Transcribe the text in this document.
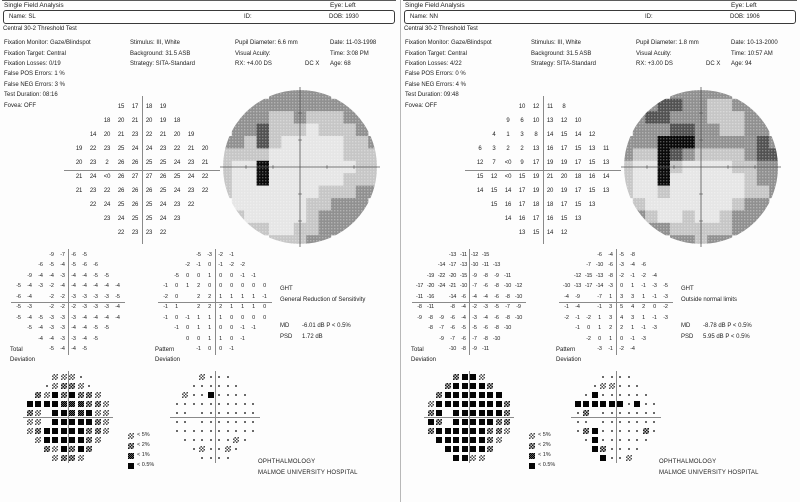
Single Field Analysis	Eye: Left
Name: SL	ID:	DOB: 1930
Central 30-2 Threshold Test
Fixation Monitor: Gaze/Blindspot
Fixation Target: Central
Fixation Losses: 0/19
False POS Errors: 1 %
False NEG Errors: 3 %
Test Duration: 08:16
Fovea: OFF
Stimulus: III, White
Background: 31.5 ASB
Strategy: SITA-Standard
Pupil Diameter: 6.6 mm
Visual Acuity:
RX: +4.00 DS	DC X
Date: 11-03-1998
Time: 3:08 PM
Age: 68
15 17 18 19
18 20 21 20 19 18
14 20 21 23 22 21 20 19
19 22 23 25 24 24 23 22 21 20
20 23 2 26 26 25 25 24 23 21
21 24 <0 26 27 27 26 25 24 22
21 23 22 26 26 26 25 24 23 22
22 24 25 26 25 24 23 22
23 24 25 25 24 23
22 23 23 22
-9 -7 -6 -5
-6 -5 -4 -5 -6 -6
-9 -4 -4 -3 -4 -4 -5 -5
-5 -4 -3 -2 -4 -4 -4 -4 -4 -4
-6 -4	-2 -2 -3 -3 -3 -3 -5
-5 -3	-2 -2 -2 -3 -3 -3 -4
-5 -4 -5 -3 -3 -3 -4 -4 -4 -4
-5 -4 -3 -3 -4 -4 -5 -5
-4 -4 -3 -3 -4 -5
-5 -4 -4 -5
-5 -3 -2 -1
-2 -1 0 -1 -2 -2
-5 0 0 1 0 0 -1 -1
-1 0 1 2 0 0 0 0 0 0
-2 0	2 2 1 1 1 1 -1
-1 1	2 2 2 1 1 1 0
-1 0 -1 1 1 1 0 0 0 0
-1 0 1 1 0 0 -1 -1
0 0 1 1 0 -1
-1 0 0 -1
GHT
General Reduction of Sensitivity
MD -6.01 dB P < 0.5%
PSD 1.72 dB
Total
Deviation
Pattern
Deviation
< 5%
< 2%
< 1%
< 0.5%
OPHTHALMOLOGY
MALMOE UNIVERSITY HOSPITAL
Single Field Analysis	Eye: Left
Name: NN	ID:	DOB: 1906
Central 30-2 Threshold Test
Fixation Monitor: Gaze/Blindspot
Fixation Target: Central
Fixation Losses: 4/22
False POS Errors: 0 %
False NEG Errors: 4 %
Test Duration: 09:48
Fovea: OFF
Stimulus: III, White
Background: 31.5 ASB
Strategy: SITA-Standard
Pupil Diameter: 1.8 mm
Visual Acuity:
RX: +3.00 DS	DC X
Date: 10-13-2000
Time: 10:57 AM
Age: 94
10 12 11 8
9 6 10 13 12 10
4 1 3 8 14 15 14 12
6 3 2 2 13 16 17 15 13 11
12 7 <0 9 17 19 19 17 15 13
15 12 <0 15 19 21 20 18 16 14
14 15 14 17 19 20 19 17 15 13
15 16 17 18 18 17 15 13
14 16 17 16 15 13
13 15 14 12
-13 -11 -12 -15
-14 -17 -13 -10 -11 -13
-19 -22 -20 -15 -9 -8 -9 -11
-17 -20 -24 -21 -10 -7 -6 -8 -10 -12
-11 -16	-14 -6 -4 -4 -6 -8 -10
-8 -11	-8 -4 -2 -3 -5 -7 -9
-9 -8 -9 -6 -4 -3 -4 -6 -8 -10
-8 -7 -6 -5 -5 -6 -8 -10
-9 -7 -6 -7 -8 -10
-10 -8 -9 -11
-6 -4 -5 -8
-7 -10 -6 -3 -4 -6
-12 -15 -13 -8 -2 -1 -2 -4
-10 -13 -17 -14 -3 0 1 -1 -3 -5
-4 -9	-7 1 3 3 1 -1 -3
-1 -4	-1 3 5 4 2 0 -2
-2 -1 -2 1 3 4 3 1 -1 -3
-1 0 1 2 2 1 -1 -3
-2 0 1 0 -1 -3
-3 -1 -2 -4
GHT
Outside normal limits
MD -8.78 dB P < 0.5%
PSD 5.95 dB P < 0.5%
Total
Deviation
Pattern
Deviation
< 5%
< 2%
< 1%
< 0.5%
OPHTHALMOLOGY
MALMOE UNIVERSITY HOSPITAL
